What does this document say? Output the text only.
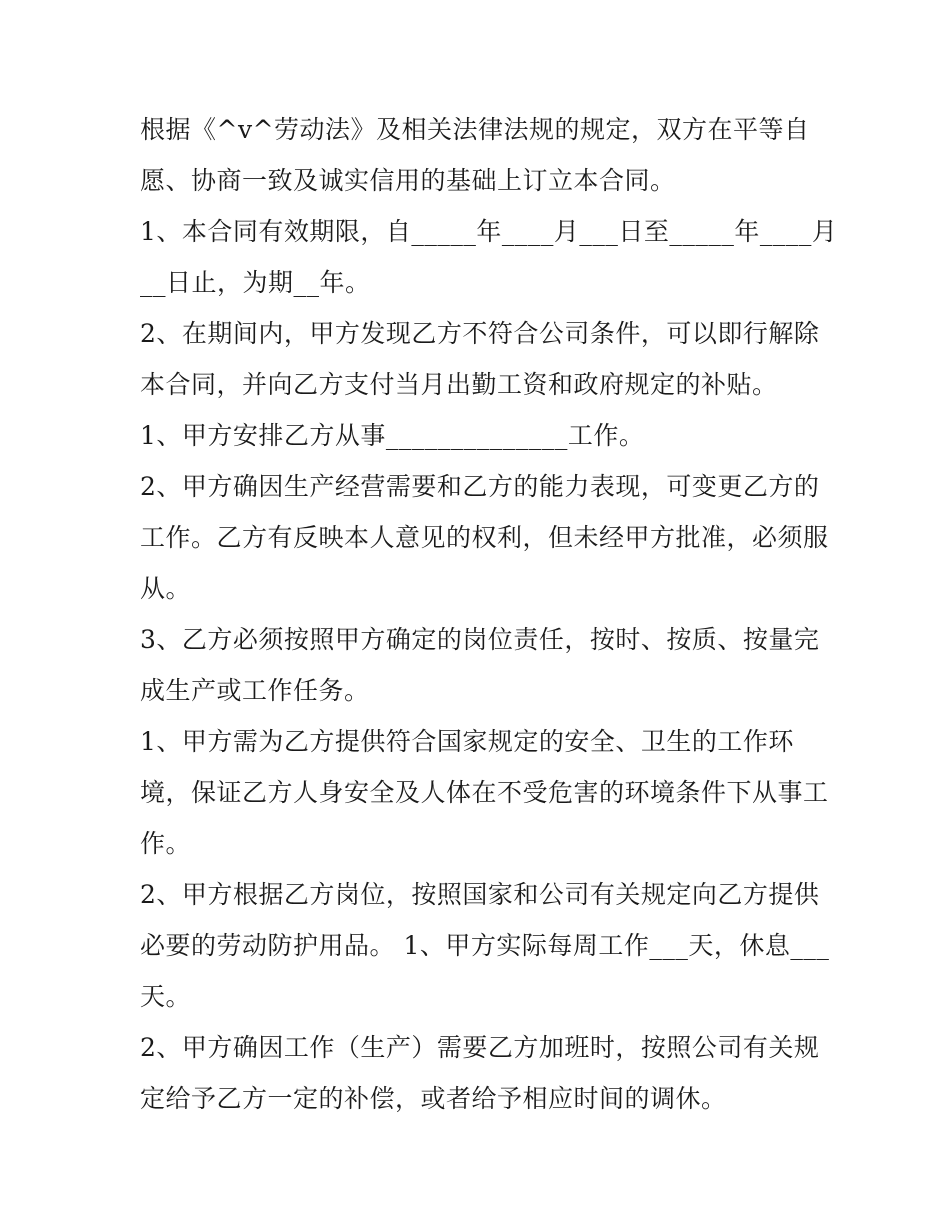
根据《^v^劳动法》及相关法律法规的规定，双方在平等自
愿、协商一致及诚实信用的基础上订立本合同。
1、本合同有效期限，自_____年____月___日至_____年____月
__日止，为期__年。
2、在期间内，甲方发现乙方不符合公司条件，可以即行解除
本合同，并向乙方支付当月出勤工资和政府规定的补贴。
1、甲方安排乙方从事______________工作。
2、甲方确因生产经营需要和乙方的能力表现，可变更乙方的
工作。乙方有反映本人意见的权利，但未经甲方批准，必须服
从。
3、乙方必须按照甲方确定的岗位责任，按时、按质、按量完
成生产或工作任务。
1、甲方需为乙方提供符合国家规定的安全、卫生的工作环
境，保证乙方人身安全及人体在不受危害的环境条件下从事工
作。
2、甲方根据乙方岗位，按照国家和公司有关规定向乙方提供
必要的劳动防护用品。 1、甲方实际每周工作___天，休息___
天。
2、甲方确因工作（生产）需要乙方加班时，按照公司有关规
定给予乙方一定的补偿，或者给予相应时间的调休。
